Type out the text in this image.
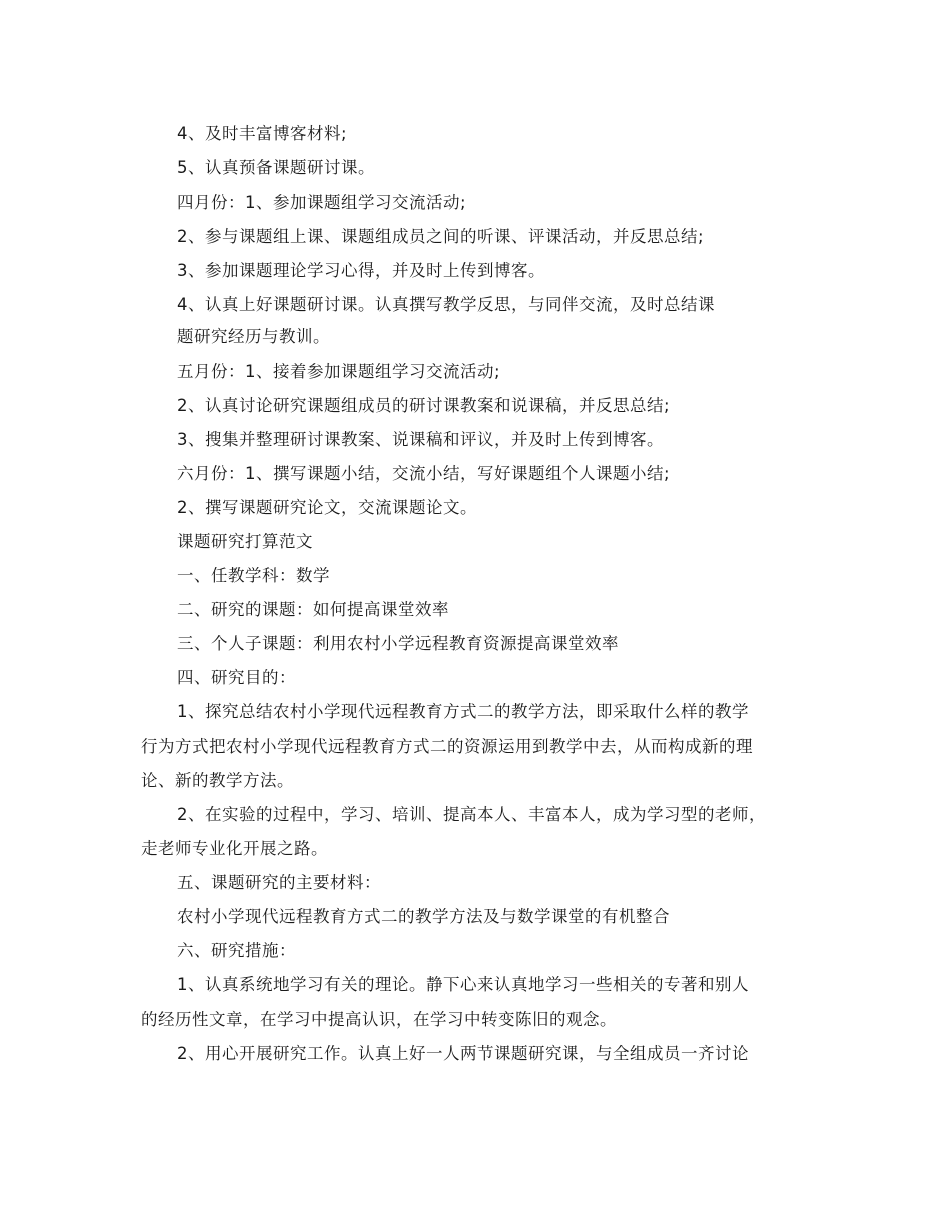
4、及时丰富博客材料;
5、认真预备课题研讨课。
四月份：1、参加课题组学习交流活动;
2、参与课题组上课、课题组成员之间的听课、评课活动，并反思总结;
3、参加课题理论学习心得，并及时上传到博客。
4、认真上好课题研讨课。认真撰写教学反思，与同伴交流，及时总结课
题研究经历与教训。
五月份：1、接着参加课题组学习交流活动;
2、认真讨论研究课题组成员的研讨课教案和说课稿，并反思总结;
3、搜集并整理研讨课教案、说课稿和评议，并及时上传到博客。
六月份：1、撰写课题小结，交流小结，写好课题组个人课题小结;
2、撰写课题研究论文，交流课题论文。
课题研究打算范文
一、任教学科：数学
二、研究的课题：如何提高课堂效率
三、个人子课题：利用农村小学远程教育资源提高课堂效率
四、研究目的：
1、探究总结农村小学现代远程教育方式二的教学方法，即采取什么样的教学
行为方式把农村小学现代远程教育方式二的资源运用到教学中去，从而构成新的理
论、新的教学方法。
2、在实验的过程中，学习、培训、提高本人、丰富本人，成为学习型的老师，
走老师专业化开展之路。
五、课题研究的主要材料：
农村小学现代远程教育方式二的教学方法及与数学课堂的有机整合
六、研究措施：
1、认真系统地学习有关的理论。静下心来认真地学习一些相关的专著和别人
的经历性文章，在学习中提高认识，在学习中转变陈旧的观念。
2、用心开展研究工作。认真上好一人两节课题研究课，与全组成员一齐讨论
